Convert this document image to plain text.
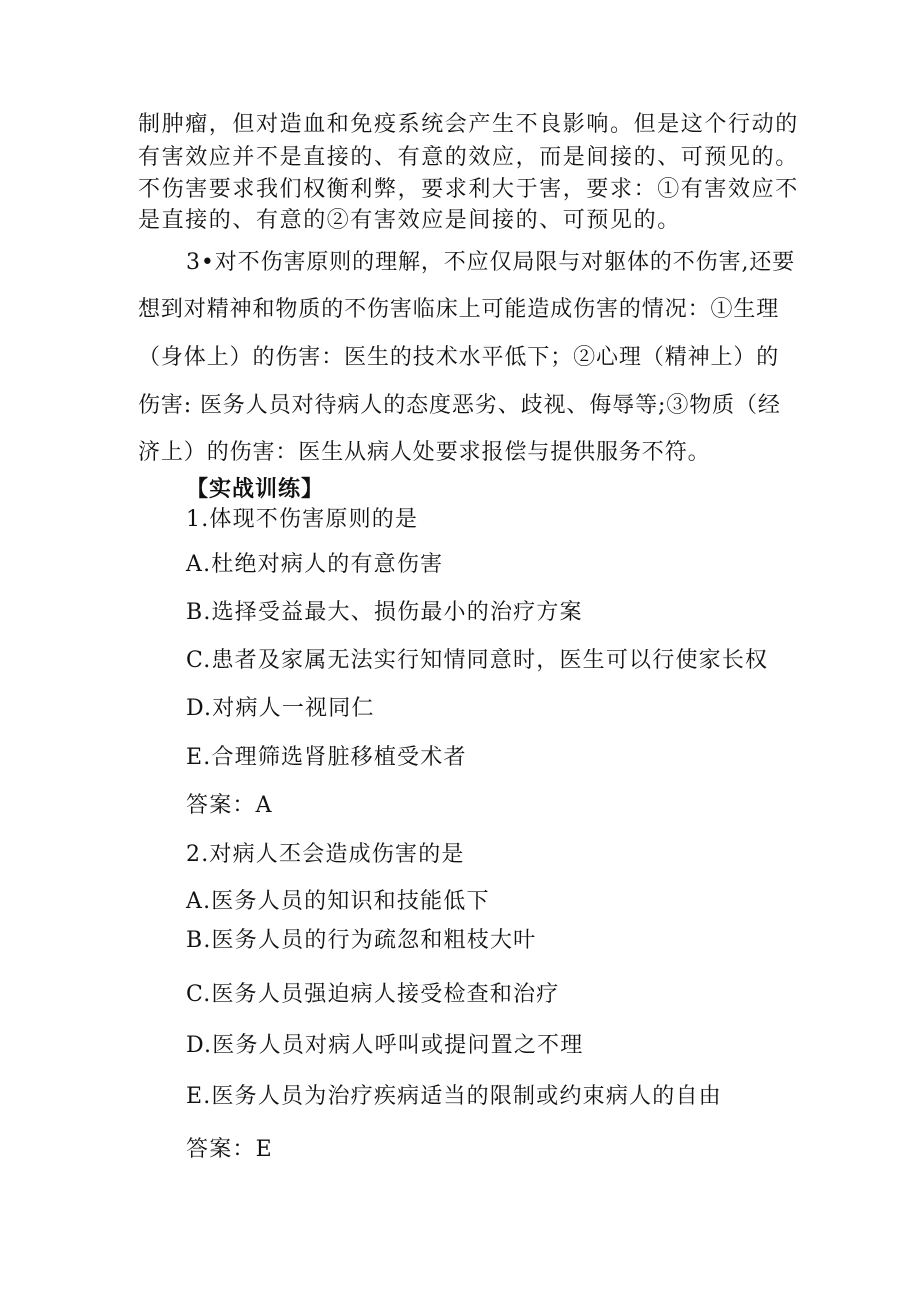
制肿瘤，但对造血和免疫系统会产生不良影响。但是这个行动的
有害效应并不是直接的、有意的效应，而是间接的、可预见的。
不伤害要求我们权衡利弊，要求利大于害，要求：①有害效应不
是直接的、有意的②有害效应是间接的、可预见的。
3•对不伤害原则的理解，不应仅局限与对躯体的不伤害,还要
想到对精神和物质的不伤害临床上可能造成伤害的情况：①生理
（身体上）的伤害：医生的技术水平低下；②心理（精神上）的
伤害: 医务人员对待病人的态度恶劣、歧视、侮辱等;③物质（经
济上）的伤害：医生从病人处要求报偿与提供服务不符。
【实战训练】
1.体现不伤害原则的是
A.杜绝对病人的有意伤害
B.选择受益最大、损伤最小的治疗方案
C.患者及家属无法实行知情同意时，医生可以行使家长权
D.对病人一视同仁
E.合理筛选肾脏移植受术者
答案：A
2.对病人丕会造成伤害的是
A.医务人员的知识和技能低下
B.医务人员的行为疏忽和粗枝大叶
C.医务人员强迫病人接受检查和治疗
D.医务人员对病人呼叫或提问置之不理
E.医务人员为治疗疾病适当的限制或约束病人的自由
答案：E
